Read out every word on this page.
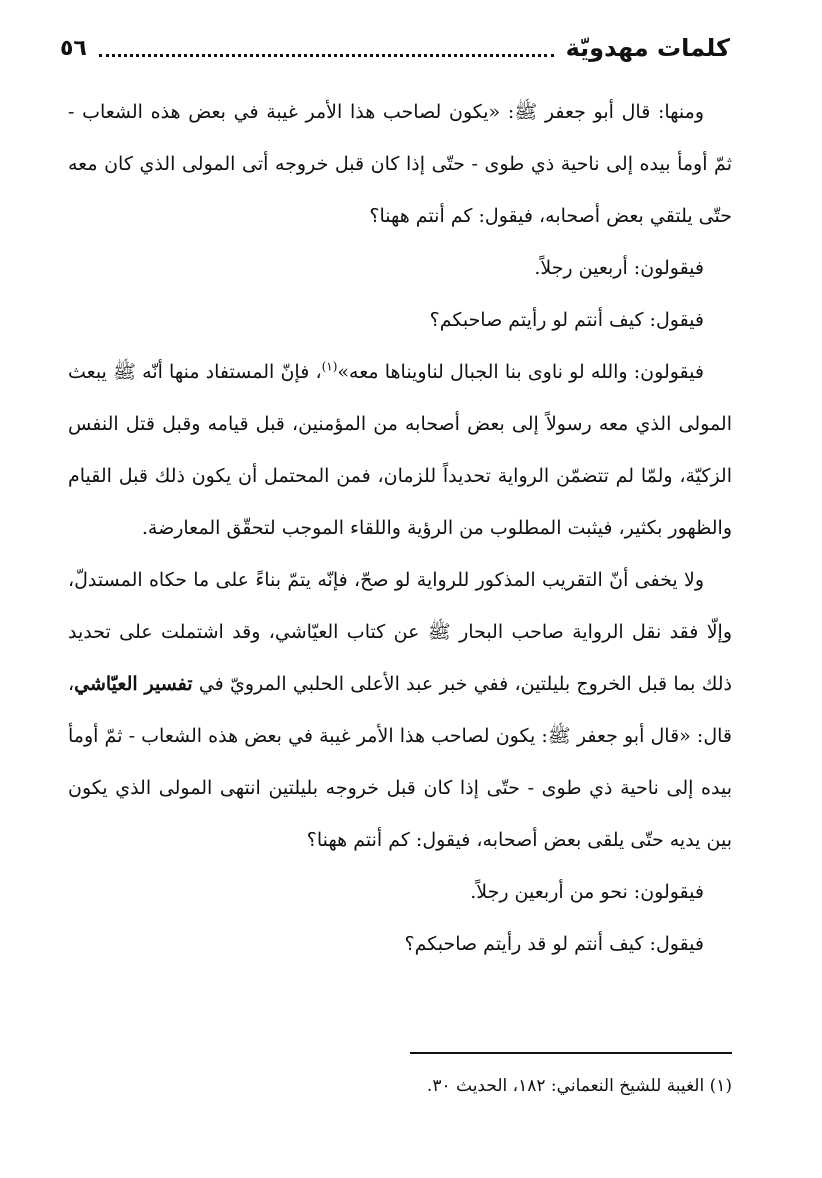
كلمات مهدويّة
٥٦

ومنها: قال أبو جعفر ﷺ: «يكون لصاحب هذا الأمر غيبة في بعض هذه الشعاب - ثمّ أومأ بيده إلى ناحية ذي طوى - حتّى إذا كان قبل خروجه أتى المولى الذي كان معه حتّى يلتقي بعض أصحابه، فيقول: كم أنتم ههنا؟

فيقولون: أربعين رجلاً.

فيقول: كيف أنتم لو رأيتم صاحبكم؟

فيقولون: والله لو ناوى بنا الجبال لناويناها معه»$^{(١)}$، فإنّ المستفاد منها أنّه ﷺ يبعث المولى الذي معه رسولاً إلى بعض أصحابه من المؤمنين، قبل قيامه وقبل قتل النفس الزكيّة، ولمّا لم تتضمّن الرواية تحديداً للزمان، فمن المحتمل أن يكون ذلك قبل القيام والظهور بكثير، فيثبت المطلوب من الرؤية واللقاء الموجب لتحقّق المعارضة.

ولا يخفى أنّ التقريب المذكور للرواية لو صحّ، فإنّه يتمّ بناءً على ما حكاه المستدلّ، وإلّا فقد نقل الرواية صاحب البحار ﷺ عن كتاب العيّاشي، وقد اشتملت على تحديد ذلك بما قبل الخروج بليلتين، ففي خبر عبد الأعلى الحلبي المرويّ في تفسير العيّاشي، قال: «قال أبو جعفر ﷺ: يكون لصاحب هذا الأمر غيبة في بعض هذه الشعاب - ثمّ أومأ بيده إلى ناحية ذي طوى - حتّى إذا كان قبل خروجه بليلتين انتهى المولى الذي يكون بين يديه حتّى يلقى بعض أصحابه، فيقول: كم أنتم ههنا؟

فيقولون: نحو من أربعين رجلاً.

فيقول: كيف أنتم لو قد رأيتم صاحبكم؟

(١) الغيبة للشيخ النعماني: ١٨٢، الحديث ٣٠.
